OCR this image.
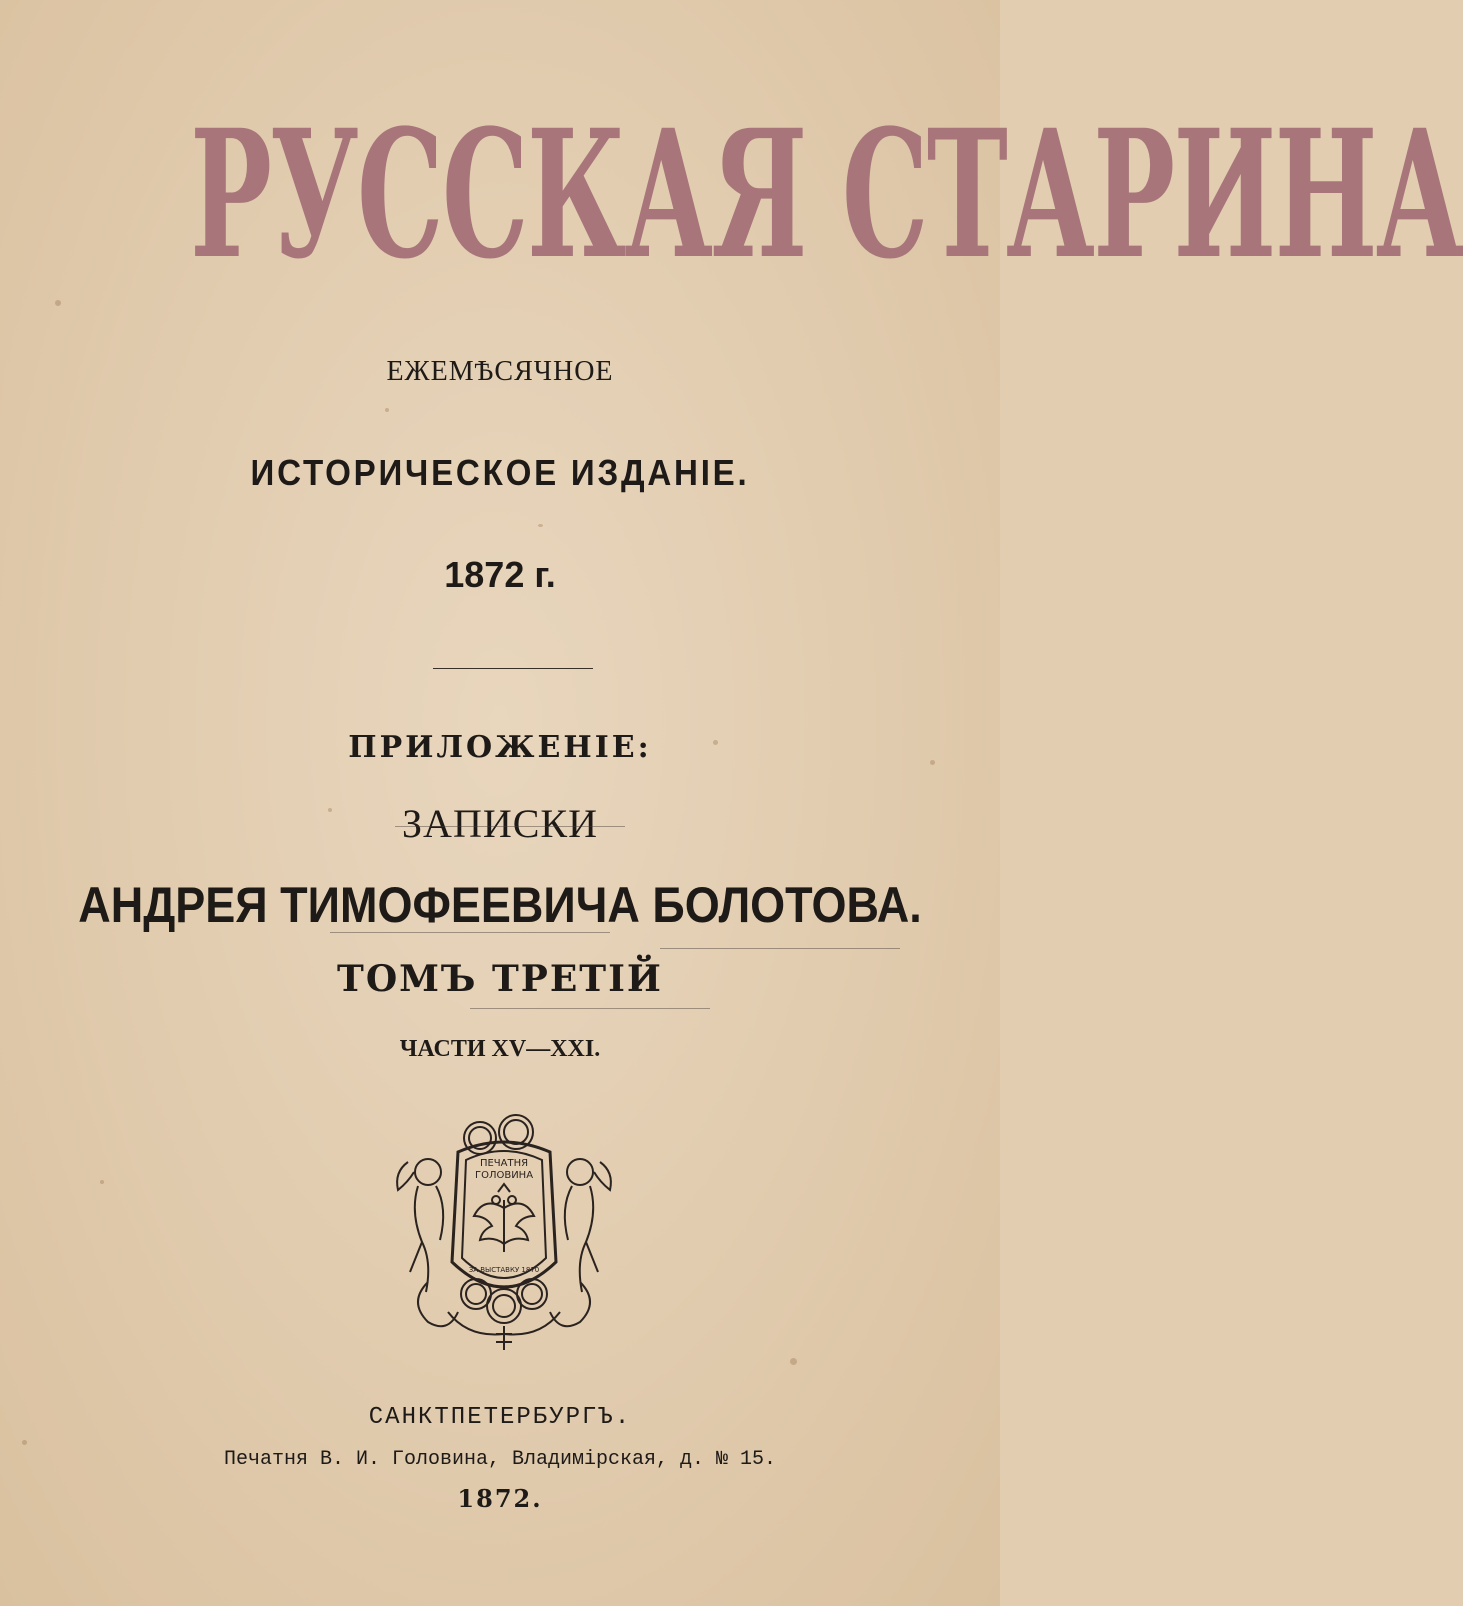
РУССКАЯ СТАРИНА
ЕЖЕМѢСЯЧНОЕ
ИСТОРИЧЕСКОЕ ИЗДАНІЕ.
1872 г.
ПРИЛОЖЕНІЕ:
ЗАПИСКИ
АНДРЕЯ ТИМОФЕЕВИЧА БОЛОТОВА.
ТОМЪ ТРЕТІЙ
ЧАСТИ XV—XXI.
ПЕЧАТНЯ
ГОЛОВИНА
ЗА ВЫСТАВКУ 1870
САНКТПЕТЕРБУРГЪ.
Печатня В. И. Головина, Владимірская, д. № 15.
1872.
